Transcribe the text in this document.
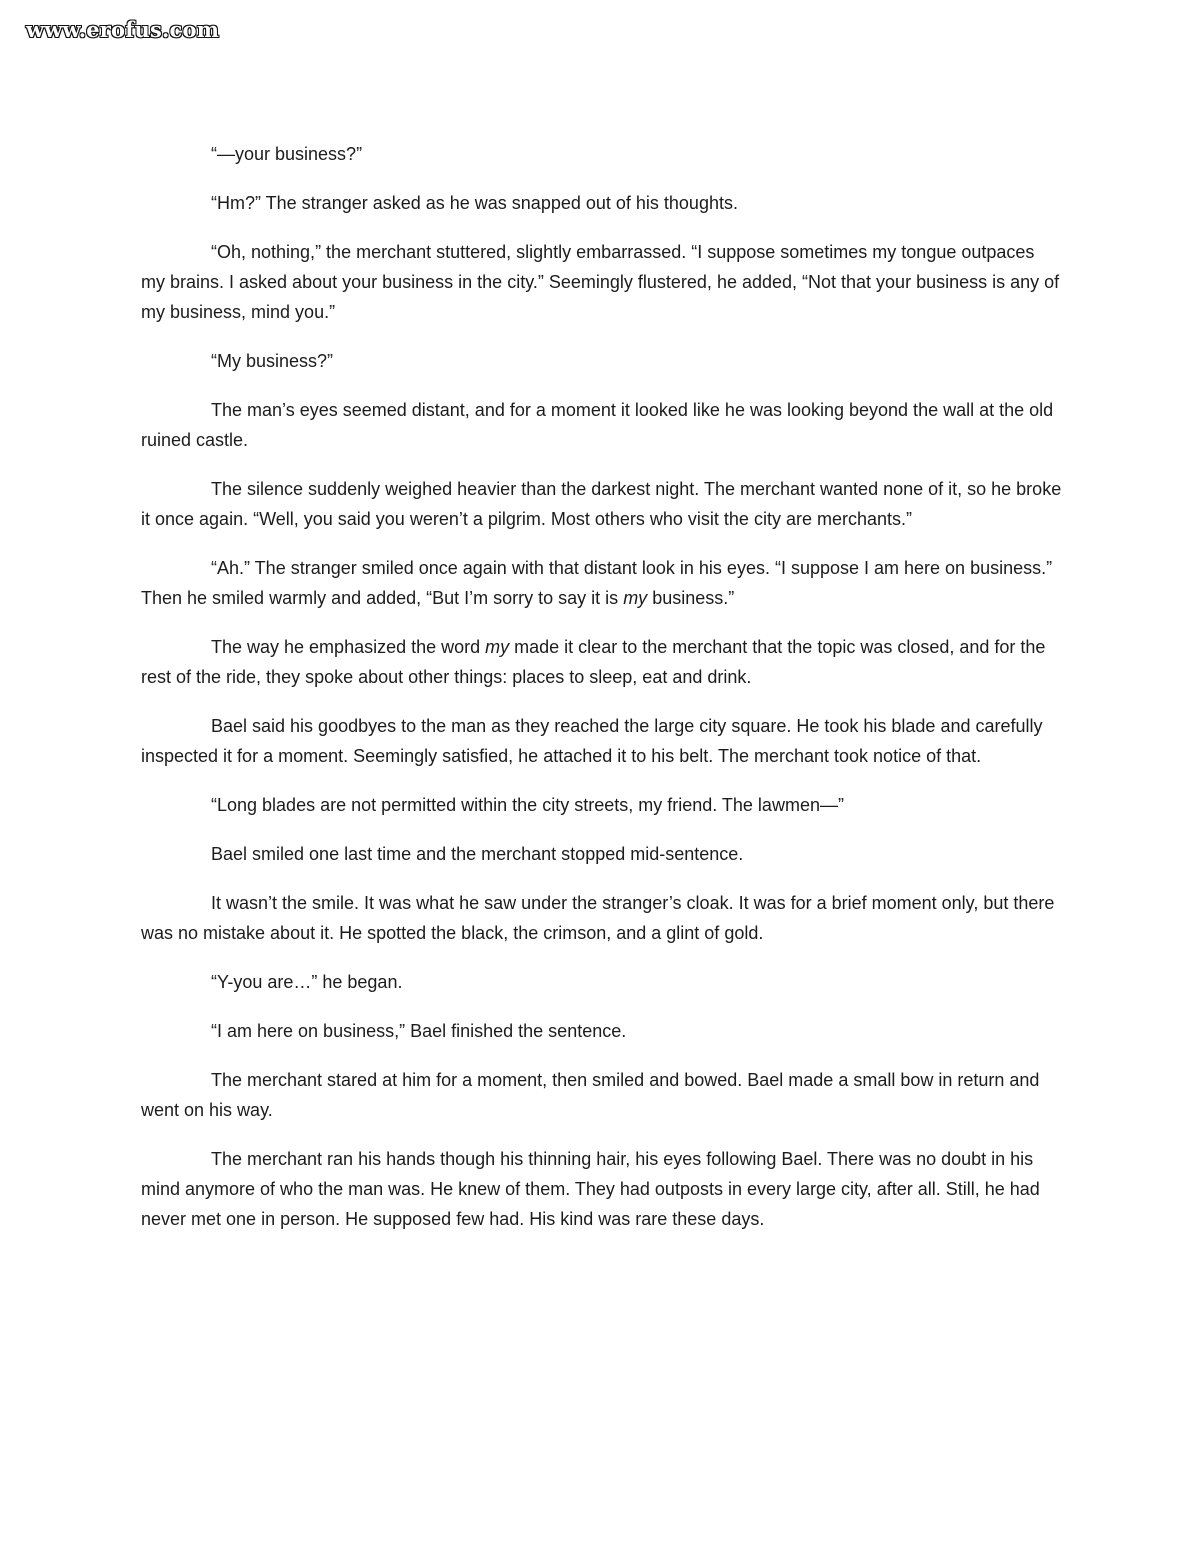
www.erofus.com

“—your business?”

“Hm?” The stranger asked as he was snapped out of his thoughts.

“Oh, nothing,” the merchant stuttered, slightly embarrassed. “I suppose sometimes my tongue outpaces my brains. I asked about your business in the city.” Seemingly flustered, he added, “Not that your business is any of my business, mind you.”

“My business?”

The man’s eyes seemed distant, and for a moment it looked like he was looking beyond the wall at the old ruined castle.

The silence suddenly weighed heavier than the darkest night. The merchant wanted none of it, so he broke it once again. “Well, you said you weren’t a pilgrim. Most others who visit the city are merchants.”

“Ah.” The stranger smiled once again with that distant look in his eyes. “I suppose I am here on business.” Then he smiled warmly and added, “But I’m sorry to say it is my business.”

The way he emphasized the word my made it clear to the merchant that the topic was closed, and for the rest of the ride, they spoke about other things: places to sleep, eat and drink.

Bael said his goodbyes to the man as they reached the large city square. He took his blade and carefully inspected it for a moment. Seemingly satisfied, he attached it to his belt. The merchant took notice of that.

“Long blades are not permitted within the city streets, my friend. The lawmen—”

Bael smiled one last time and the merchant stopped mid-sentence.

It wasn’t the smile. It was what he saw under the stranger’s cloak. It was for a brief moment only, but there was no mistake about it. He spotted the black, the crimson, and a glint of gold.

“Y-you are…” he began.

“I am here on business,” Bael finished the sentence.

The merchant stared at him for a moment, then smiled and bowed. Bael made a small bow in return and went on his way.

The merchant ran his hands though his thinning hair, his eyes following Bael. There was no doubt in his mind anymore of who the man was. He knew of them. They had outposts in every large city, after all. Still, he had never met one in person. He supposed few had. His kind was rare these days.
